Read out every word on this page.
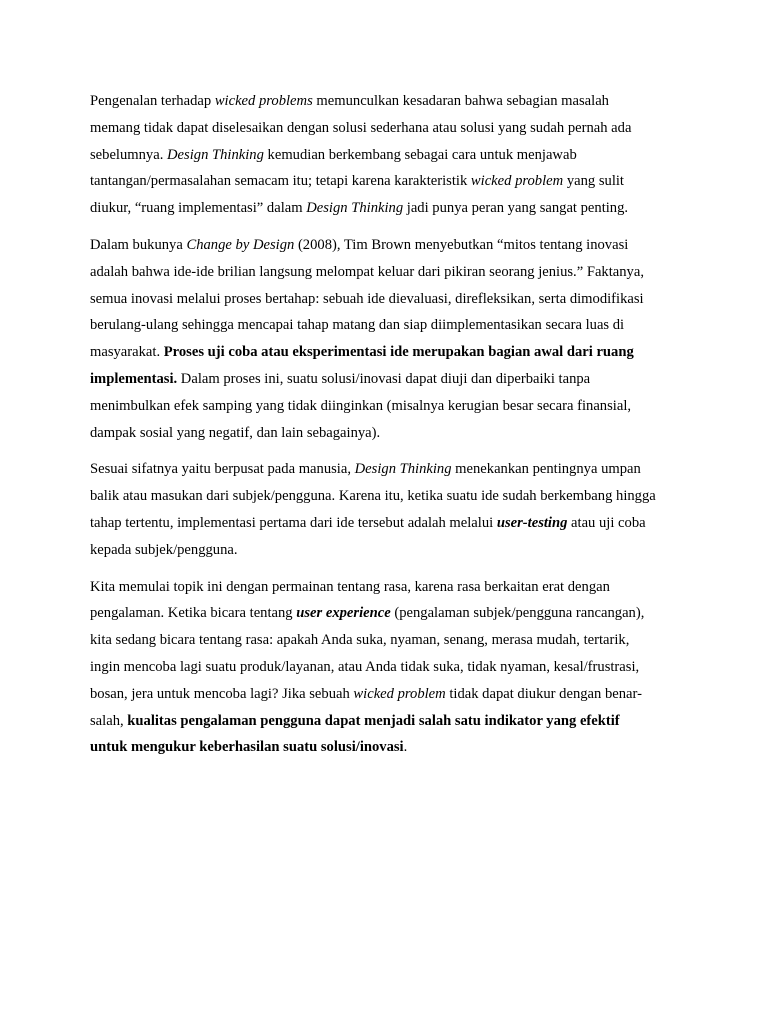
Pengenalan terhadap wicked problems memunculkan kesadaran bahwa sebagian masalah
memang tidak dapat diselesaikan dengan solusi sederhana atau solusi yang sudah pernah ada
sebelumnya. Design Thinking kemudian berkembang sebagai cara untuk menjawab
tantangan/permasalahan semacam itu; tetapi karena karakteristik wicked problem yang sulit
diukur, “ruang implementasi” dalam Design Thinking jadi punya peran yang sangat penting.

Dalam bukunya Change by Design (2008), Tim Brown menyebutkan “mitos tentang inovasi
adalah bahwa ide-ide brilian langsung melompat keluar dari pikiran seorang jenius.” Faktanya,
semua inovasi melalui proses bertahap: sebuah ide dievaluasi, direfleksikan, serta dimodifikasi
berulang-ulang sehingga mencapai tahap matang dan siap diimplementasikan secara luas di
masyarakat. Proses uji coba atau eksperimentasi ide merupakan bagian awal dari ruang
implementasi. Dalam proses ini, suatu solusi/inovasi dapat diuji dan diperbaiki tanpa
menimbulkan efek samping yang tidak diinginkan (misalnya kerugian besar secara finansial,
dampak sosial yang negatif, dan lain sebagainya).

Sesuai sifatnya yaitu berpusat pada manusia, Design Thinking menekankan pentingnya umpan
balik atau masukan dari subjek/pengguna. Karena itu, ketika suatu ide sudah berkembang hingga
tahap tertentu, implementasi pertama dari ide tersebut adalah melalui user-testing atau uji coba
kepada subjek/pengguna.

Kita memulai topik ini dengan permainan tentang rasa, karena rasa berkaitan erat dengan
pengalaman. Ketika bicara tentang user experience (pengalaman subjek/pengguna rancangan),
kita sedang bicara tentang rasa: apakah Anda suka, nyaman, senang, merasa mudah, tertarik,
ingin mencoba lagi suatu produk/layanan, atau Anda tidak suka, tidak nyaman, kesal/frustrasi,
bosan, jera untuk mencoba lagi? Jika sebuah wicked problem tidak dapat diukur dengan benar-
salah, kualitas pengalaman pengguna dapat menjadi salah satu indikator yang efektif
untuk mengukur keberhasilan suatu solusi/inovasi.
